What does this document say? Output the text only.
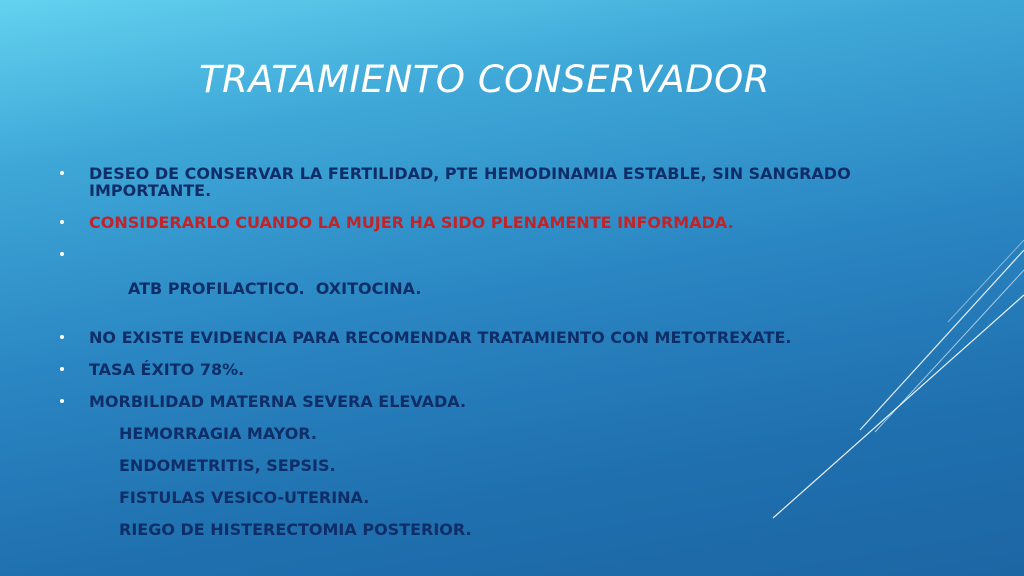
TRATAMIENTO CONSERVADOR
DESEO DE CONSERVAR LA FERTILIDAD, PTE HEMODINAMIA ESTABLE, SIN SANGRADO IMPORTANTE.
CONSIDERARLO CUANDO LA MUJER HA SIDO PLENAMENTE INFORMADA.

ATB PROFILACTICO.  OXITOCINA.

NO EXISTE EVIDENCIA PARA RECOMENDAR TRATAMIENTO CON METOTREXATE.
TASA ÉXITO 78%.
MORBILIDAD MATERNA SEVERA ELEVADA.
HEMORRAGIA MAYOR.
ENDOMETRITIS, SEPSIS.
FISTULAS VESICO-UTERINA.
RIEGO DE HISTERECTOMIA POSTERIOR.
